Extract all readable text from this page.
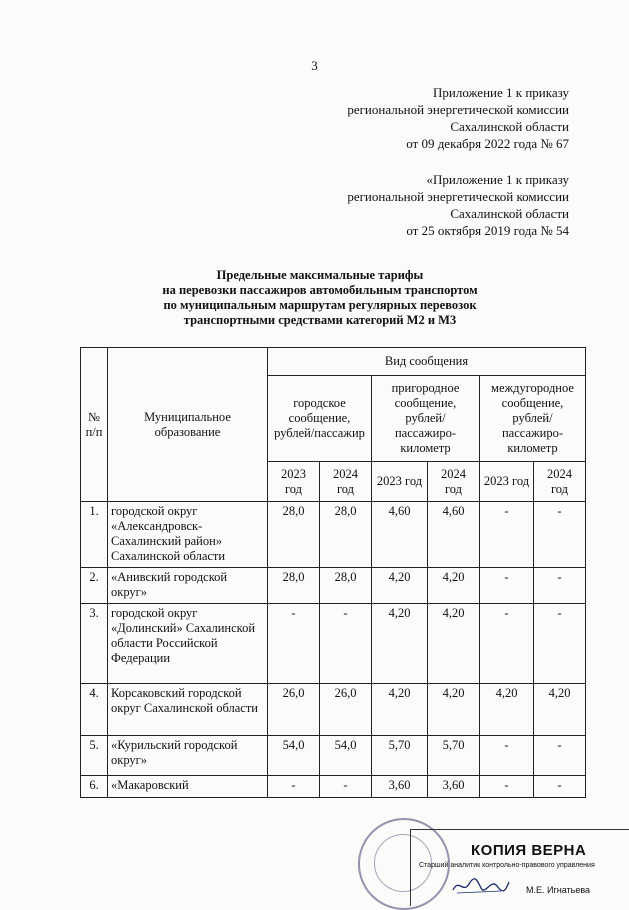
3
Приложение 1 к приказу
региональной энергетической комиссии
Сахалинской области
от 09 декабря 2022 года № 67
«Приложение 1 к приказу
региональной энергетической комиссии
Сахалинской области
от 25 октября 2019 года № 54
Предельные максимальные тарифы
на перевозки пассажиров автомобильным транспортом
по муниципальным маршрутам регулярных перевозок
транспортными средствами категорий М2 и М3
№ п/п	Муниципальное образование	Вид сообщения					
		городское сообщение, рублей/пассажир		пригородное сообщение, рублей/ пассажиро-километр		междугородное сообщение, рублей/ пассажиро-километр	
		2023 год	2024 год	2023 год	2024 год	2023 год	2024 год
1.	городской округ «Александровск-Сахалинский район» Сахалинской области	28,0	28,0	4,60	4,60	-	-
2.	«Анивский городской округ»	28,0	28,0	4,20	4,20	-	-
3.	городской округ «Долинский» Сахалинской области Российской Федерации	-	-	4,20	4,20	-	-
4.	Корсаковский городской округ Сахалинской области	26,0	26,0	4,20	4,20	4,20	4,20
5.	«Курильский городской округ»	54,0	54,0	5,70	5,70	-	-
6.	«Макаровский	-	-	3,60	3,60	-	-
КОПИЯ ВЕРНА
Старший аналитик контрольно-правового управления
М.Е. Игнатьева
